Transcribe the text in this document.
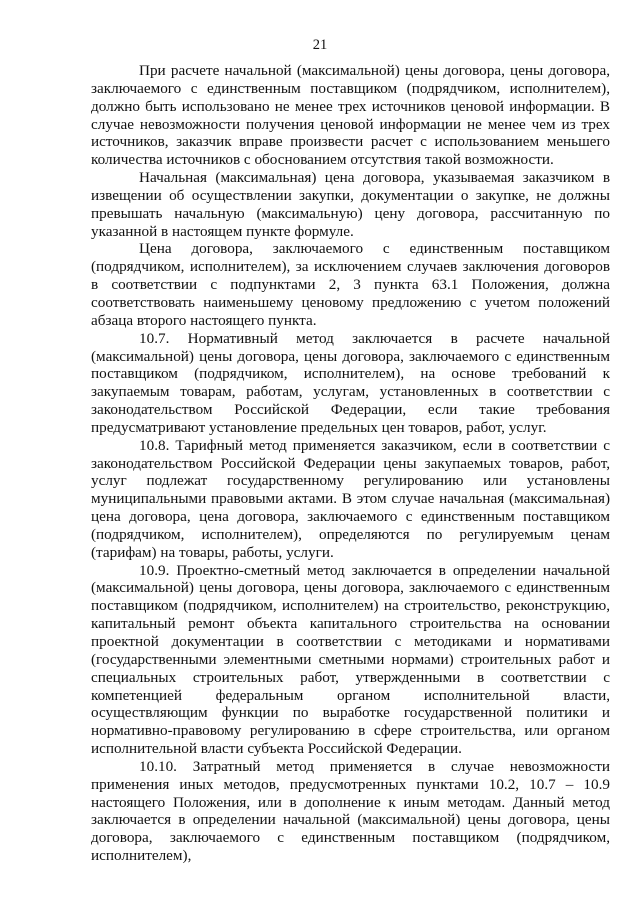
21

При расчете начальной (максимальной) цены договора, цены договора, заключаемого с единственным поставщиком (подрядчиком, исполнителем), должно быть использовано не менее трех источников ценовой информации. В случае невозможности получения ценовой информации не менее чем из трех источников, заказчик вправе произвести расчет с использованием меньшего количества источников с обоснованием отсутствия такой возможности.

Начальная (максимальная) цена договора, указываемая заказчиком в извещении об осуществлении закупки, документации о закупке, не должны превышать начальную (максимальную) цену договора, рассчитанную по указанной в настоящем пункте формуле.

Цена договора, заключаемого с единственным поставщиком (подрядчиком, исполнителем), за исключением случаев заключения договоров в соответствии с подпунктами 2, 3 пункта 63.1 Положения, должна соответствовать наименьшему ценовому предложению с учетом положений абзаца второго настоящего пункта.

10.7. Нормативный метод заключается в расчете начальной (максимальной) цены договора, цены договора, заключаемого с единственным поставщиком (подрядчиком, исполнителем), на основе требований к закупаемым товарам, работам, услугам, установленных в соответствии с законодательством Российской Федерации, если такие требования предусматривают установление предельных цен товаров, работ, услуг.

10.8. Тарифный метод применяется заказчиком, если в соответствии с законодательством Российской Федерации цены закупаемых товаров, работ, услуг подлежат государственному регулированию или установлены муниципальными правовыми актами. В этом случае начальная (максимальная) цена договора, цена договора, заключаемого с единственным поставщиком (подрядчиком, исполнителем), определяются по регулируемым ценам (тарифам) на товары, работы, услуги.

10.9. Проектно-сметный метод заключается в определении начальной (максимальной) цены договора, цены договора, заключаемого с единственным поставщиком (подрядчиком, исполнителем) на строительство, реконструкцию, капитальный ремонт объекта капитального строительства на основании проектной документации в соответствии с методиками и нормативами (государственными элементными сметными нормами) строительных работ и специальных строительных работ, утвержденными в соответствии с компетенцией федеральным органом исполнительной власти, осуществляющим функции по выработке государственной политики и нормативно-правовому регулированию в сфере строительства, или органом исполнительной власти субъекта Российской Федерации.

10.10. Затратный метод применяется в случае невозможности применения иных методов, предусмотренных пунктами 10.2, 10.7 – 10.9 настоящего Положения, или в дополнение к иным методам. Данный метод заключается в определении начальной (максимальной) цены договора, цены договора, заключаемого с единственным поставщиком (подрядчиком, исполнителем),
